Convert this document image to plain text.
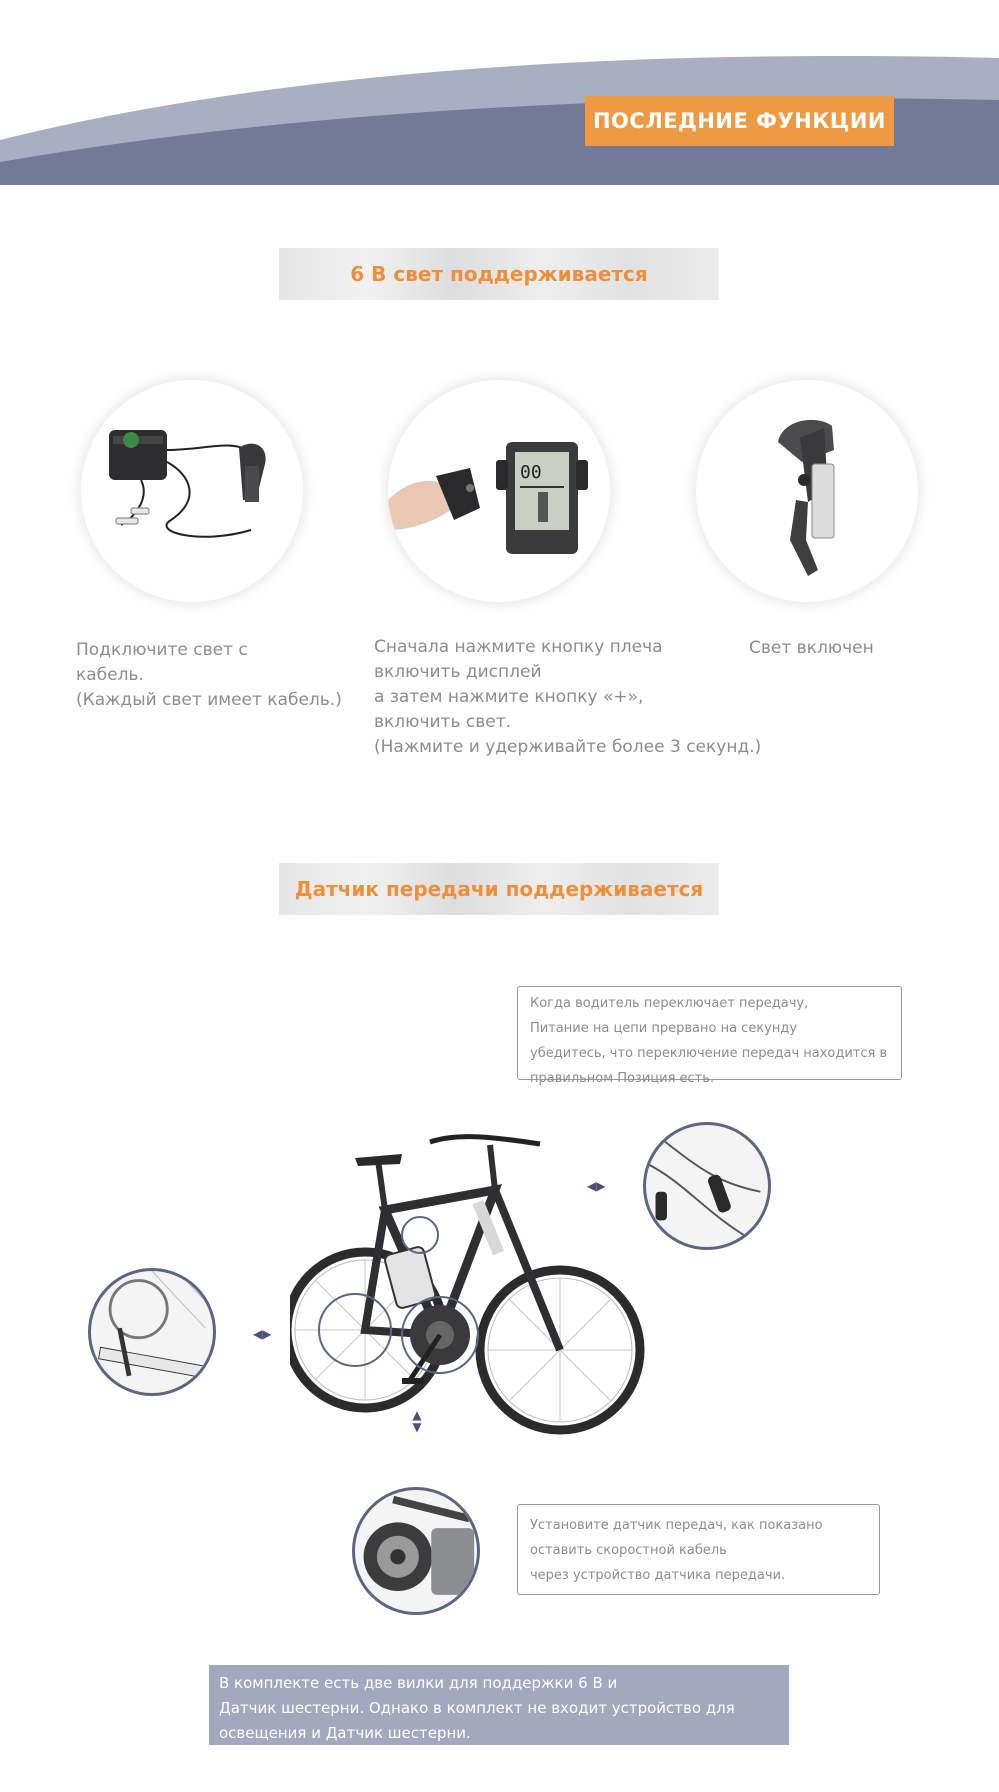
ПОСЛЕДНИЕ ФУНКЦИИ
6 В свет поддерживается
00
Подключите свет с
кабель.
(Каждый свет имеет кабель.)
Сначала нажмите кнопку плеча
включить дисплей
а затем нажмите кнопку «+»,
включить свет.
(Нажмите и удерживайте более 3 секунд.)
Свет включен
Датчик передачи поддерживается
Когда водитель переключает передачу,
Питание на цепи прервано на секунду
убедитесь, что переключение передач находится в
правильном Позиция есть.
◀▶
◀▶
▲
▼
Установите датчик передач, как показано
оставить скоростной кабель
через устройство датчика передачи.
В комплекте есть две вилки для поддержки 6 В и
Датчик шестерни. Однако в комплект не входит устройство для
освещения и Датчик шестерни.
